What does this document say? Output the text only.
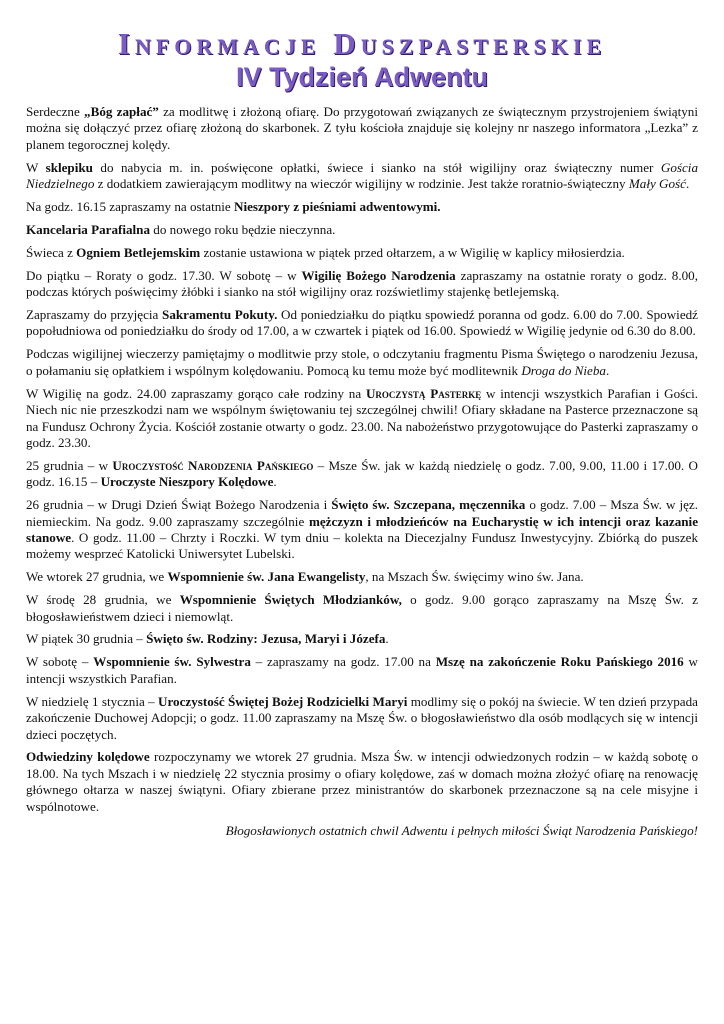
Informacje Duszpasterskie
IV Tydzień Adwentu

Serdeczne „Bóg zapłać” za modlitwę i złożoną ofiarę. Do przygotowań związanych ze świątecznym przystrojeniem świątyni można się dołączyć przez ofiarę złożoną do skarbonek. Z tyłu kościoła znajduje się kolejny nr naszego informatora „Lezka” z planem tegorocznej kolędy.

W sklepiku do nabycia m. in. poświęcone opłatki, świece i sianko na stół wigilijny oraz świąteczny numer Gościa Niedzielnego z dodatkiem zawierającym modlitwy na wieczór wigilijny w rodzinie. Jest także roratnio-świąteczny Mały Gość.

Na godz. 16.15 zapraszamy na ostatnie Nieszpory z pieśniami adwentowymi.

Kancelaria Parafialna do nowego roku będzie nieczynna.

Świeca z Ogniem Betlejemskim zostanie ustawiona w piątek przed ołtarzem, a w Wigilię w kaplicy miłosierdzia.

Do piątku – Roraty o godz. 17.30. W sobotę – w Wigilię Bożego Narodzenia zapraszamy na ostatnie roraty o godz. 8.00, podczas których poświęcimy żłóbki i sianko na stół wigilijny oraz rozświetlimy stajenkę betlejemską.

Zapraszamy do przyjęcia Sakramentu Pokuty. Od poniedziałku do piątku spowiedź poranna od godz. 6.00 do 7.00. Spowiedź popołudniowa od poniedziałku do środy od 17.00, a w czwartek i piątek od 16.00. Spowiedź w Wigilię jedynie od 6.30 do 8.00.

Podczas wigilijnej wieczerzy pamiętajmy o modlitwie przy stole, o odczytaniu fragmentu Pisma Świętego o narodzeniu Jezusa, o połamaniu się opłatkiem i wspólnym kolędowaniu. Pomocą ku temu może być modlitewnik Droga do Nieba.

W Wigilię na godz. 24.00 zapraszamy gorąco całe rodziny na Uroczystą Pasterkę w intencji wszystkich Parafian i Gości. Niech nic nie przeszkodzi nam we wspólnym świętowaniu tej szczególnej chwili! Ofiary składane na Pasterce przeznaczone są na Fundusz Ochrony Życia. Kościół zostanie otwarty o godz. 23.00. Na nabożeństwo przygotowujące do Pasterki zapraszamy o godz. 23.30.

25 grudnia – w Uroczystość Narodzenia Pańskiego – Msze Św. jak w każdą niedzielę o godz. 7.00, 9.00, 11.00 i 17.00. O godz. 16.15 – Uroczyste Nieszpory Kolędowe.

26 grudnia – w Drugi Dzień Świąt Bożego Narodzenia i Święto św. Szczepana, męczennika o godz. 7.00 – Msza Św. w jęz. niemieckim. Na godz. 9.00 zapraszamy szczególnie mężczyzn i młodzieńców na Eucharystię w ich intencji oraz kazanie stanowe. O godz. 11.00 – Chrzty i Roczki. W tym dniu – kolekta na Diecezjalny Fundusz Inwestycyjny. Zbiórką do puszek możemy wesprzeć Katolicki Uniwersytet Lubelski.

We wtorek 27 grudnia, we Wspomnienie św. Jana Ewangelisty, na Mszach Św. święcimy wino św. Jana.

W środę 28 grudnia, we Wspomnienie Świętych Młodzianków, o godz. 9.00 gorąco zapraszamy na Mszę Św. z błogosławieństwem dzieci i niemowląt.

W piątek 30 grudnia – Święto św. Rodziny: Jezusa, Maryi i Józefa.

W sobotę – Wspomnienie św. Sylwestra – zapraszamy na godz. 17.00 na Mszę na zakończenie Roku Pańskiego 2016 w intencji wszystkich Parafian.

W niedzielę 1 stycznia – Uroczystość Świętej Bożej Rodzicielki Maryi modlimy się o pokój na świecie. W ten dzień przypada zakończenie Duchowej Adopcji; o godz. 11.00 zapraszamy na Mszę Św. o błogosławieństwo dla osób modlących się w intencji dzieci poczętych.

Odwiedziny kolędowe rozpoczynamy we wtorek 27 grudnia. Msza Św. w intencji odwiedzonych rodzin – w każdą sobotę o 18.00. Na tych Mszach i w niedzielę 22 stycznia prosimy o ofiary kolędowe, zaś w domach można złożyć ofiarę na renowację głównego ołtarza w naszej świątyni. Ofiary zbierane przez ministrantów do skarbonek przeznaczone są na cele misyjne i wspólnotowe.

Błogosławionych ostatnich chwil Adwentu i pełnych miłości Świąt Narodzenia Pańskiego!
